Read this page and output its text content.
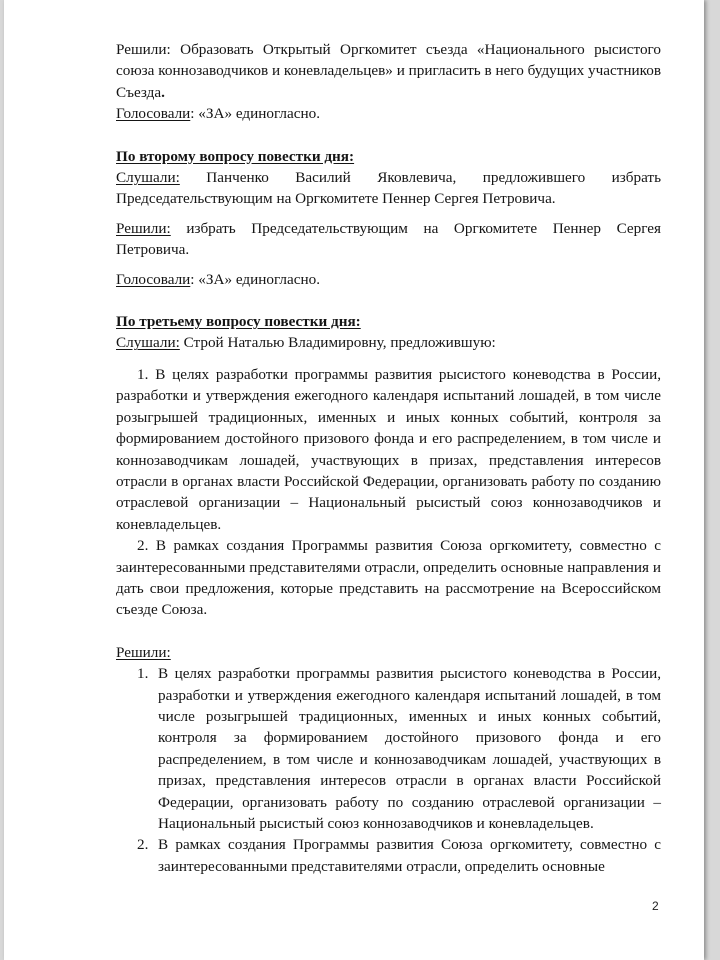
Решили: Образовать Открытый Оргкомитет съезда «Национального рысистого союза коннозаводчиков и коневладельцев» и пригласить в него будущих участников Съезда.

Голосовали: «ЗА» единогласно.

По второму вопросу повестки дня:

Слушали: Панченко Василий Яковлевича, предложившего избрать Председательствующим на Оргкомитете Пеннер Сергея Петровича.

Решили: избрать Председательствующим на Оргкомитете Пеннер Сергея Петровича.

Голосовали: «ЗА» единогласно.

По третьему вопросу повестки дня:

Слушали: Строй Наталью Владимировну, предложившую:

1. В целях разработки программы развития рысистого коневодства в России, разработки и утверждения ежегодного календаря испытаний лошадей, в том числе розыгрышей традиционных, именных и иных конных событий, контроля за формированием достойного призового фонда и его распределением, в том числе и коннозаводчикам лошадей, участвующих в призах, представления интересов отрасли в органах власти Российской Федерации, организовать работу по созданию отраслевой организации – Национальный рысистый союз коннозаводчиков и коневладельцев.

2. В рамках создания Программы развития Союза оргкомитету, совместно с заинтересованными представителями отрасли, определить основные направления и дать свои предложения, которые представить на рассмотрение на Всероссийском съезде Союза.

Решили:

1. В целях разработки программы развития рысистого коневодства в России, разработки и утверждения ежегодного календаря испытаний лошадей, в том числе розыгрышей традиционных, именных и иных конных событий, контроля за формированием достойного призового фонда и его распределением, в том числе и коннозаводчикам лошадей, участвующих в призах, представления интересов отрасли в органах власти Российской Федерации, организовать работу по созданию отраслевой организации – Национальный рысистый союз коннозаводчиков и коневладельцев.
2. В рамках создания Программы развития Союза оргкомитету, совместно с заинтересованными представителями отрасли, определить основные
2
